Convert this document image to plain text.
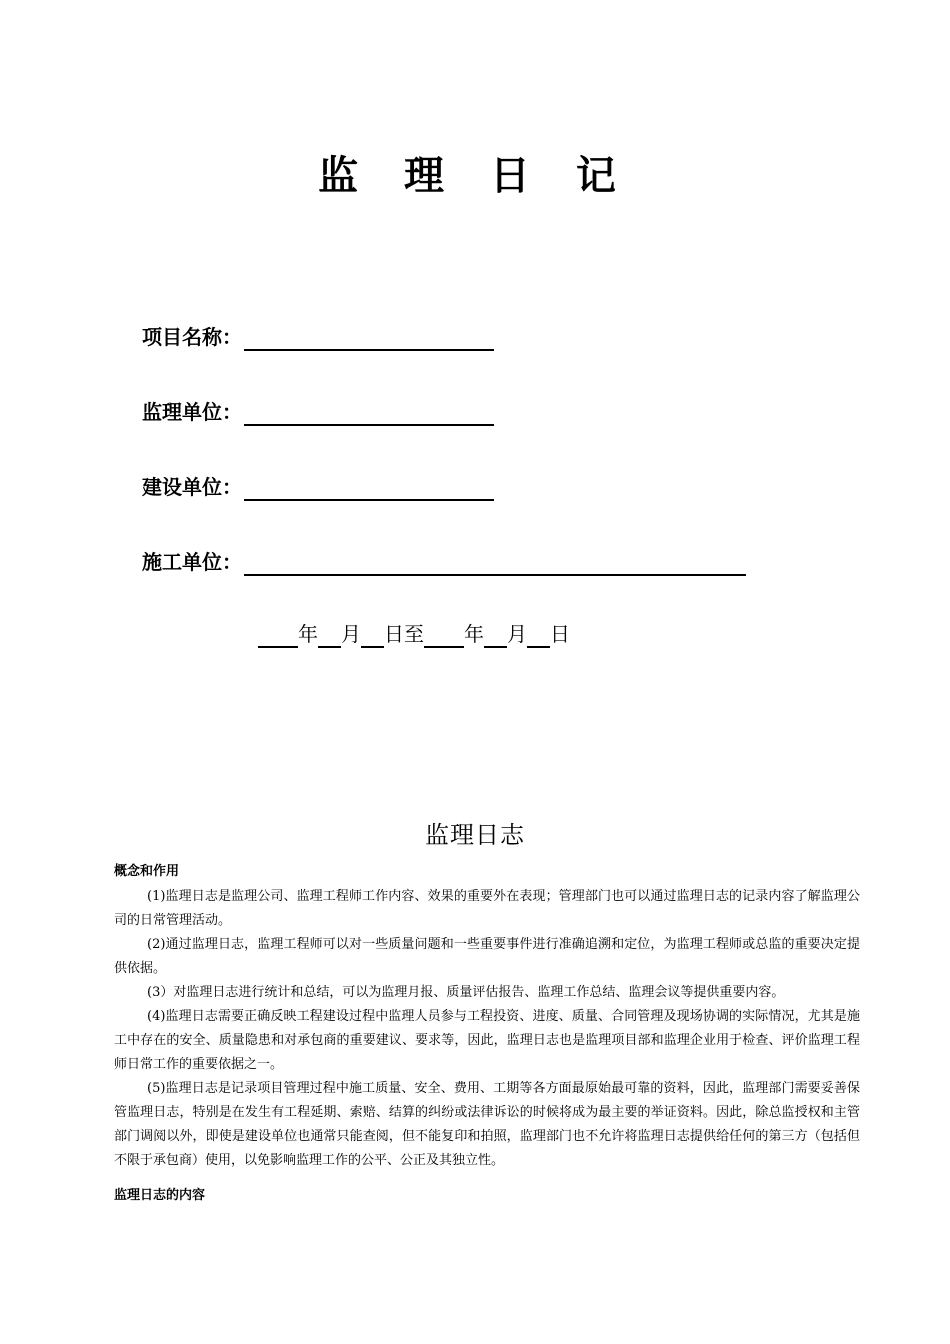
监 理 日 记
项目名称：
监理单位：
建设单位：
施工单位：
年 月 日至 年 月 日
监理日志
概念和作用

(1)监理日志是监理公司、监理工程师工作内容、效果的重要外在表现；管理部门也可以通过监理日志的记录内容了解监理公司的日常管理活动。

(2)通过监理日志，监理工程师可以对一些质量问题和一些重要事件进行准确追溯和定位，为监理工程师或总监的重要决定提供依据。

(3）对监理日志进行统计和总结，可以为监理月报、质量评估报告、监理工作总结、监理会议等提供重要内容。

(4)监理日志需要正确反映工程建设过程中监理人员参与工程投资、进度、质量、合同管理及现场协调的实际情况，尤其是施工中存在的安全、质量隐患和对承包商的重要建议、要求等，因此，监理日志也是监理项目部和监理企业用于检查、评价监理工程师日常工作的重要依据之一。

(5)监理日志是记录项目管理过程中施工质量、安全、费用、工期等各方面最原始最可靠的资料，因此，监理部门需要妥善保管监理日志，特别是在发生有工程延期、索赔、结算的纠纷或法律诉讼的时候将成为最主要的举证资料。因此，除总监授权和主管部门调阅以外，即使是建设单位也通常只能查阅，但不能复印和拍照，监理部门也不允许将监理日志提供给任何的第三方（包括但不限于承包商）使用，以免影响监理工作的公平、公正及其独立性。

监理日志的内容
